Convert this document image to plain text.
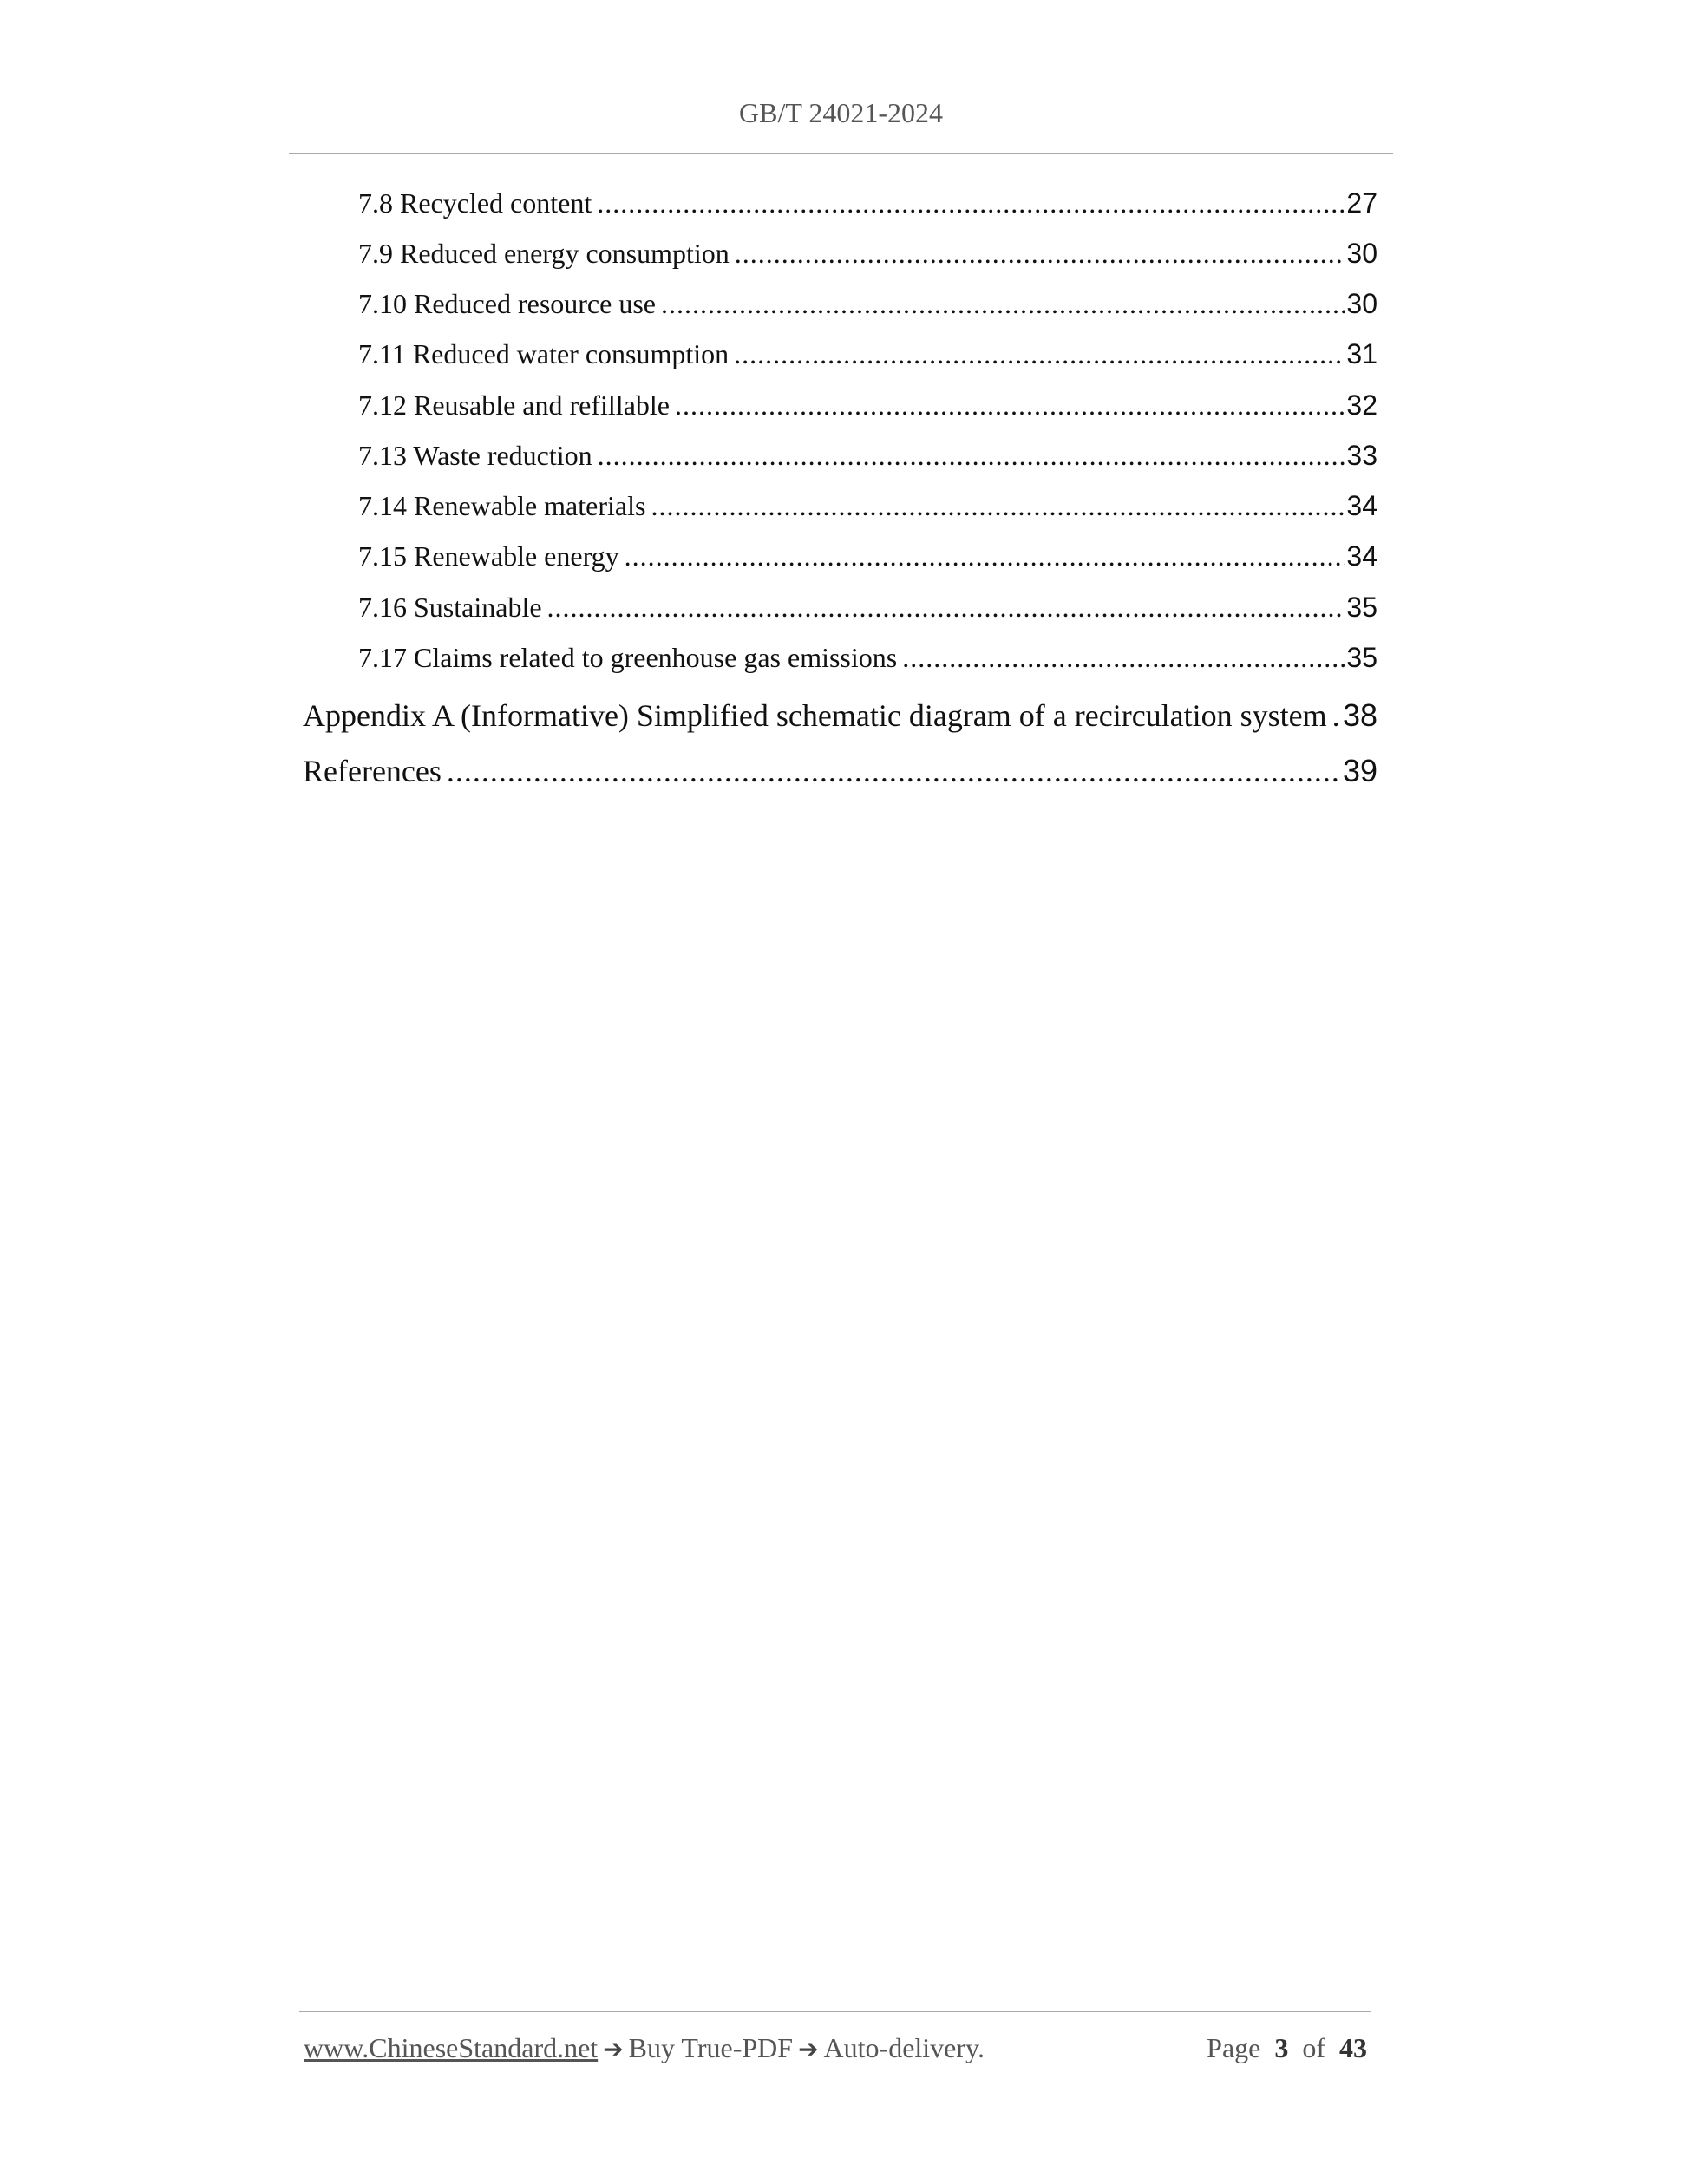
GB/T 24021-2024
7.8 Recycled content .....	27
7.9 Reduced energy consumption .....	30
7.10 Reduced resource use .....	30
7.11 Reduced water consumption .....	31
7.12 Reusable and refillable .....	32
7.13 Waste reduction .....	33
7.14 Renewable materials .....	34
7.15 Renewable energy .....	34
7.16 Sustainable .....	35
7.17 Claims related to greenhouse gas emissions .....	35
Appendix A (Informative) Simplified schematic diagram of a recirculation system ..... 38
References .....	39
www.ChineseStandard.net ➔ Buy True-PDF ➔ Auto-delivery.	Page 3 of 43
